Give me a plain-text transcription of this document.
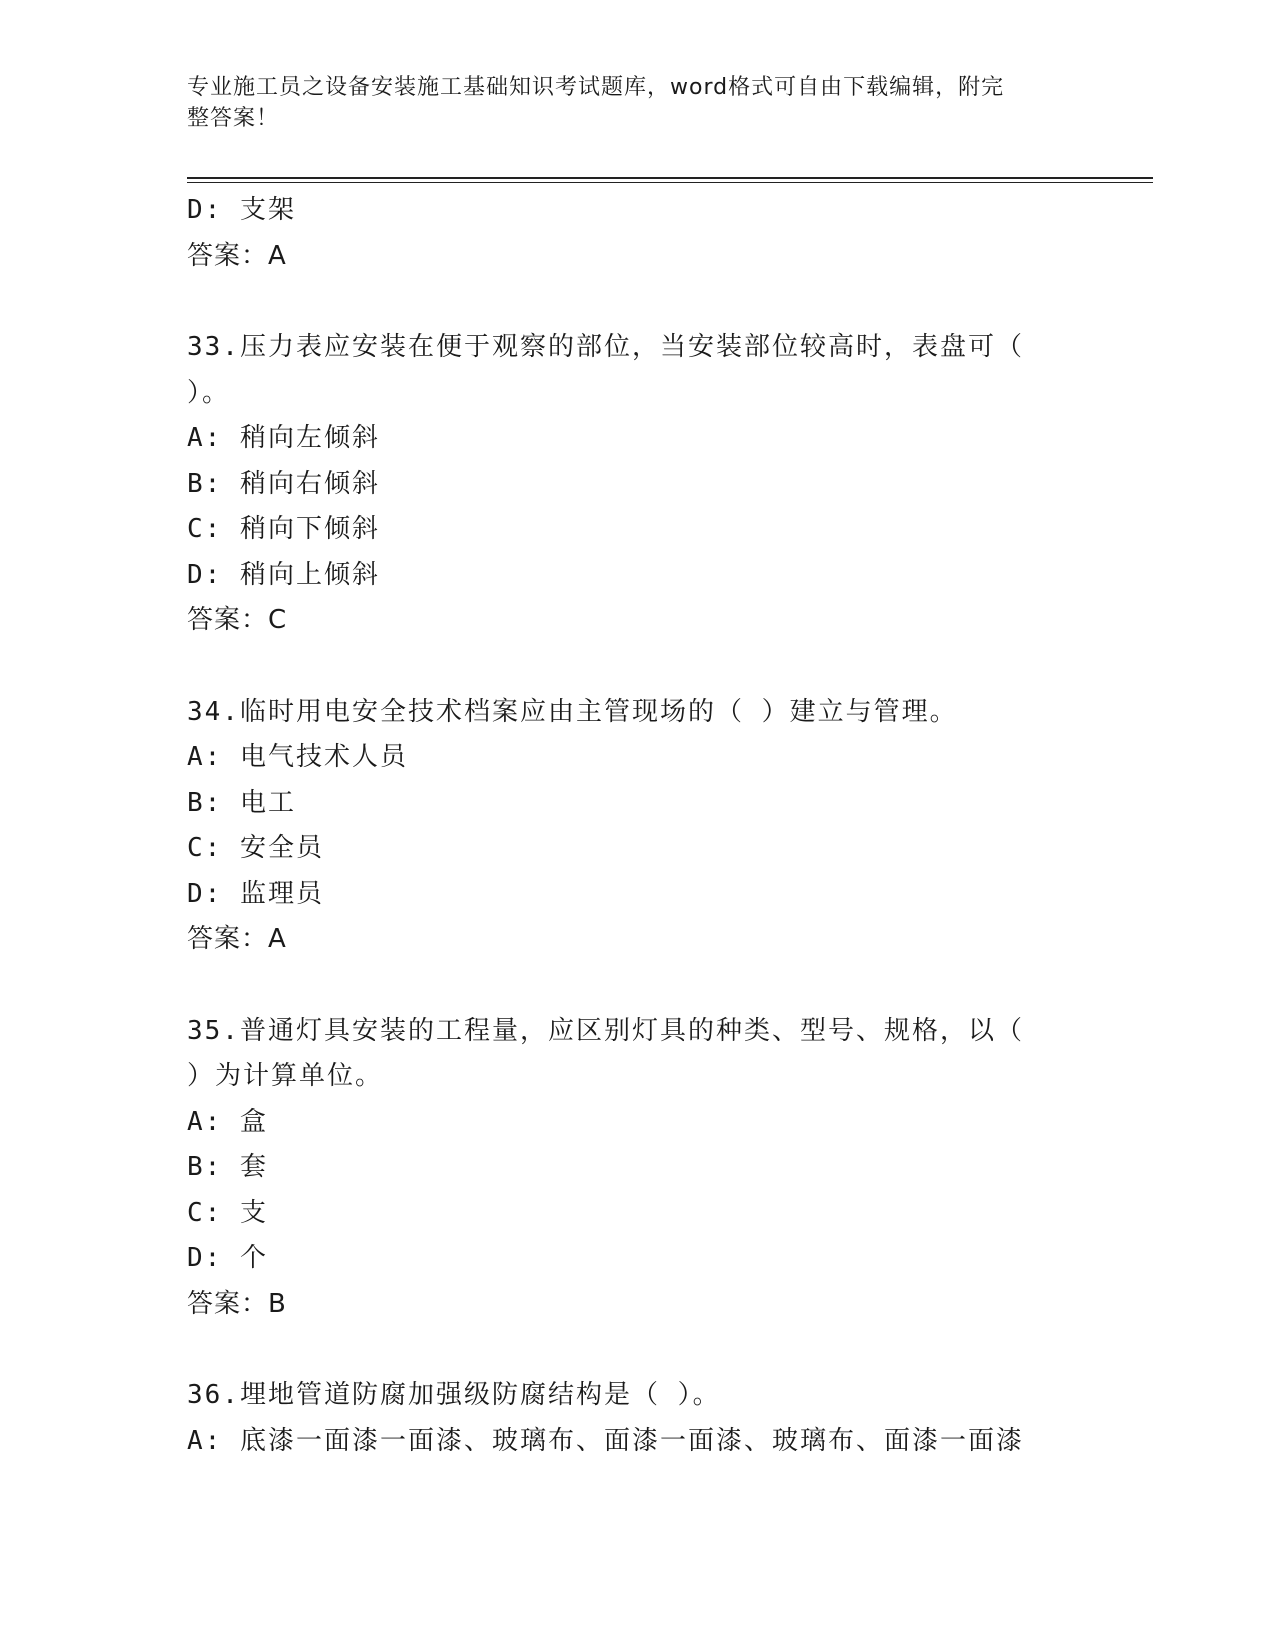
专业施工员之设备安装施工基础知识考试题库，word格式可自由下载编辑，附完
整答案！
D: 支架
答案：A
33.压力表应安装在便于观察的部位，当安装部位较高时，表盘可（
）。
A: 稍向左倾斜
B: 稍向右倾斜
C: 稍向下倾斜
D: 稍向上倾斜
答案：C
34.临时用电安全技术档案应由主管现场的（ ）建立与管理。
A: 电气技术人员
B: 电工
C: 安全员
D: 监理员
答案：A
35.普通灯具安装的工程量，应区别灯具的种类、型号、规格，以（
）为计算单位。
A: 盒
B: 套
C: 支
D: 个
答案：B
36.埋地管道防腐加强级防腐结构是（ ）。
A: 底漆一面漆一面漆、玻璃布、面漆一面漆、玻璃布、面漆一面漆
